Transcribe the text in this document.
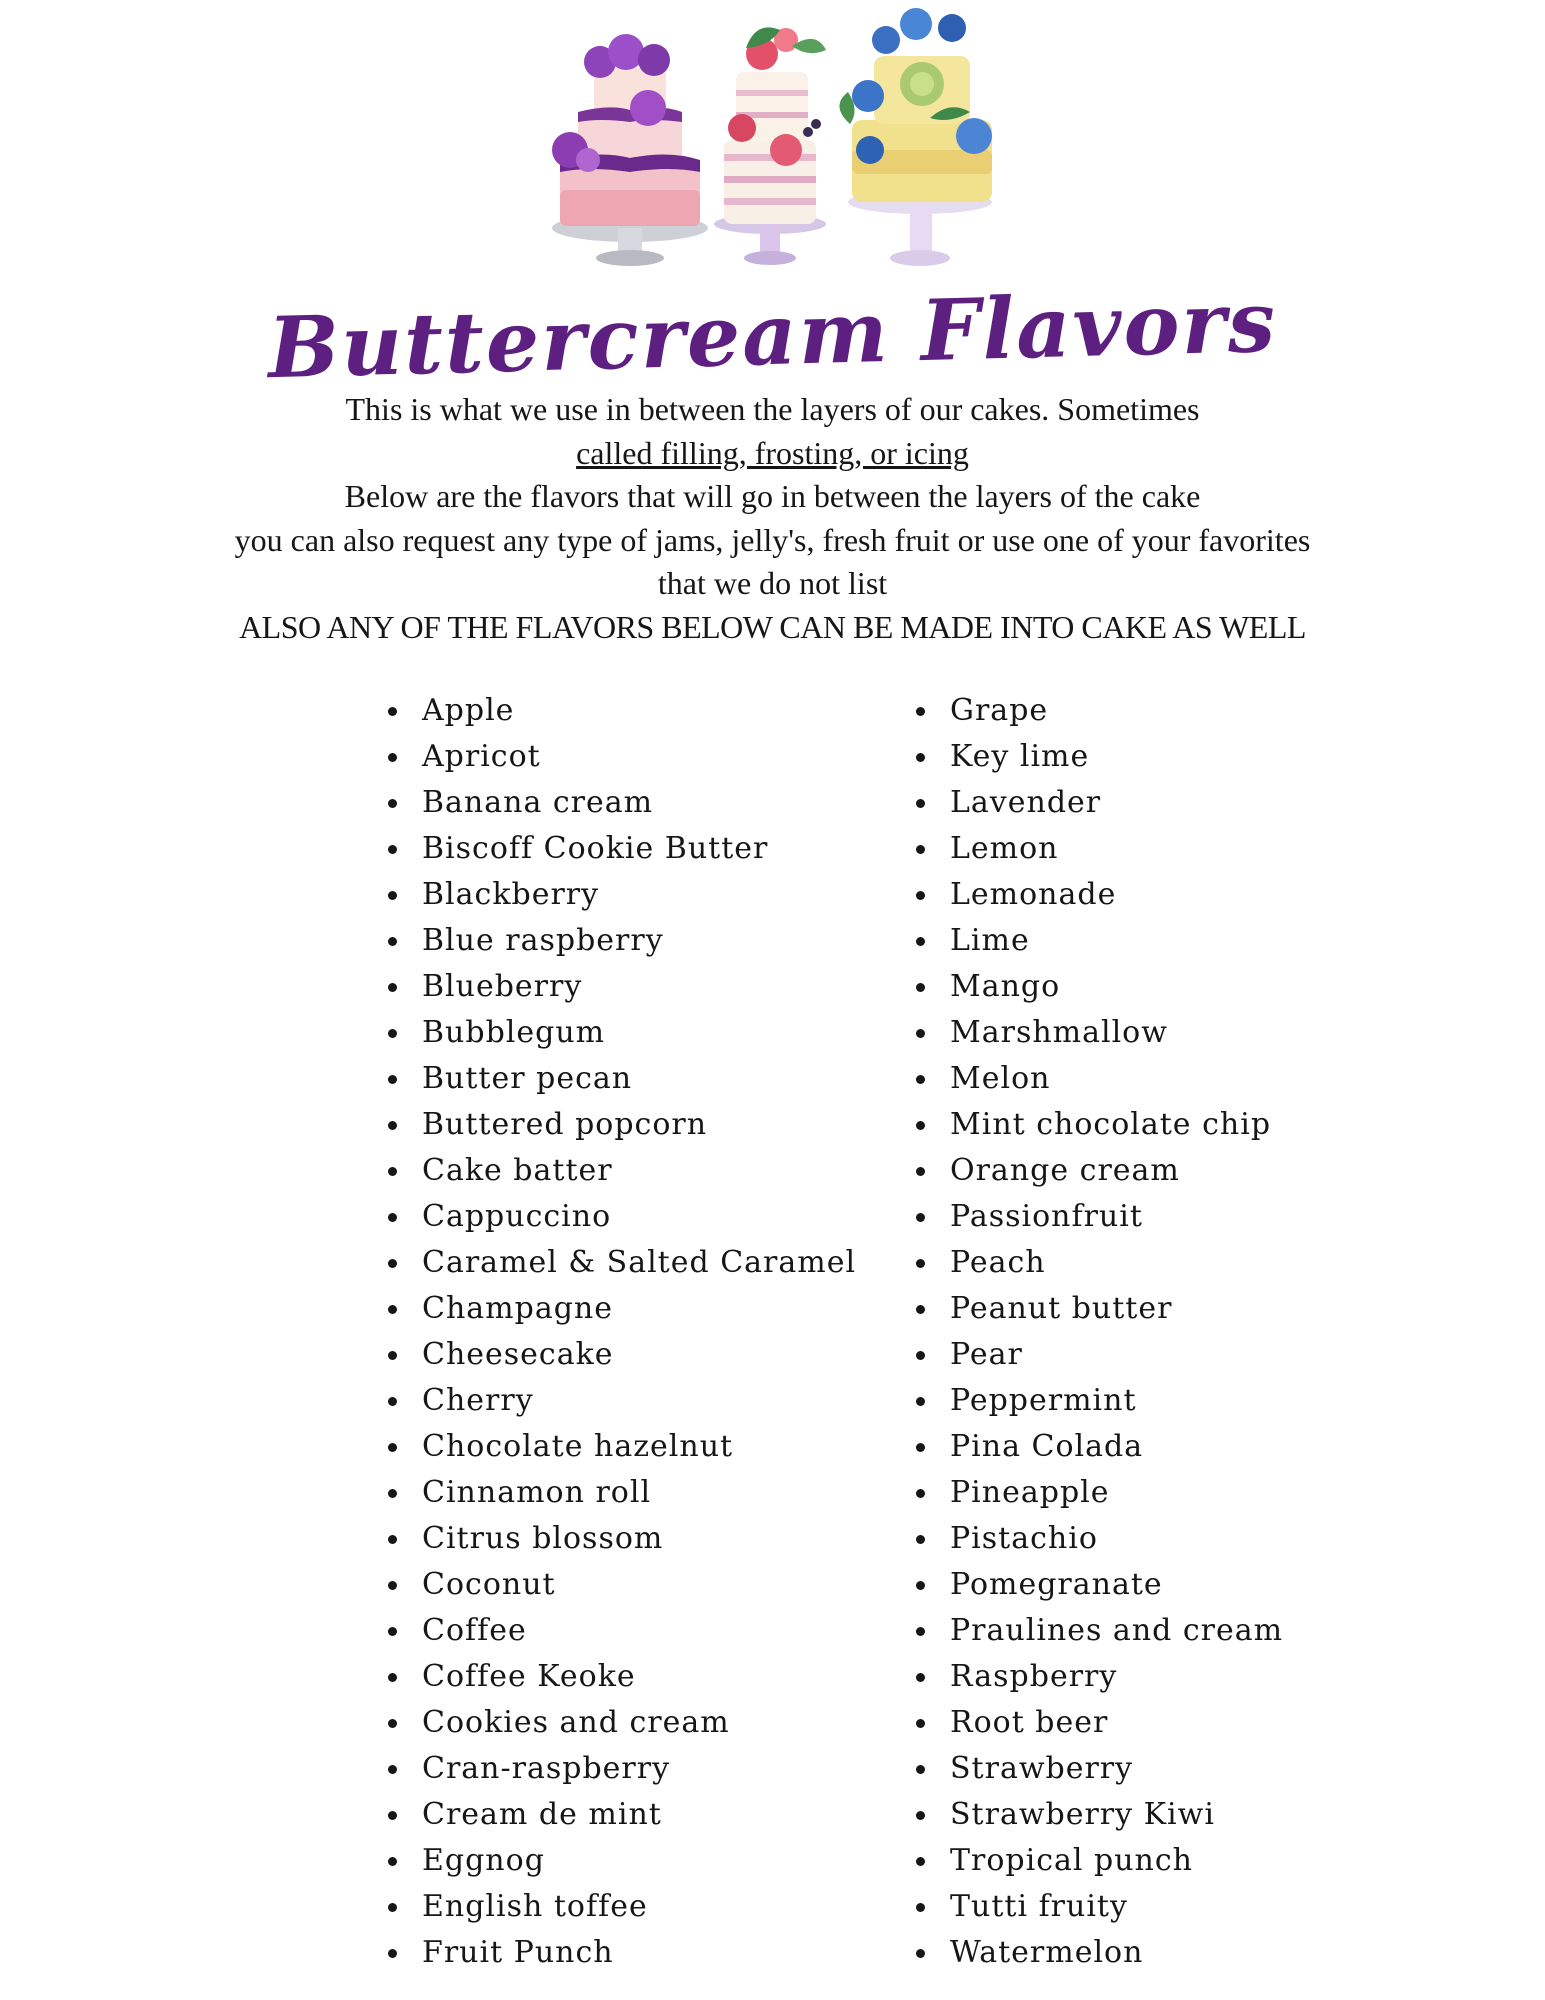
Buttercream Flavors
This is what we use in between the layers of our cakes. Sometimes
called filling, frosting, or icing
Below are the flavors that will go in between the layers of the cake
you can also request any type of jams, jelly's, fresh fruit or use one of your favorites
that we do not list
ALSO ANY OF THE FLAVORS BELOW CAN BE MADE INTO CAKE AS WELL
Apple
Apricot
Banana cream
Biscoff Cookie Butter
Blackberry
Blue raspberry
Blueberry
Bubblegum
Butter pecan
Buttered popcorn
Cake batter
Cappuccino
Caramel & Salted Caramel
Champagne
Cheesecake
Cherry
Chocolate hazelnut
Cinnamon roll
Citrus blossom
Coconut
Coffee
Coffee Keoke
Cookies and cream
Cran-raspberry
Cream de mint
Eggnog
English toffee
Fruit Punch
Grape
Key lime
Lavender
Lemon
Lemonade
Lime
Mango
Marshmallow
Melon
Mint chocolate chip
Orange cream
Passionfruit
Peach
Peanut butter
Pear
Peppermint
Pina Colada
Pineapple
Pistachio
Pomegranate
Praulines and cream
Raspberry
Root beer
Strawberry
Strawberry Kiwi
Tropical punch
Tutti fruity
Watermelon
